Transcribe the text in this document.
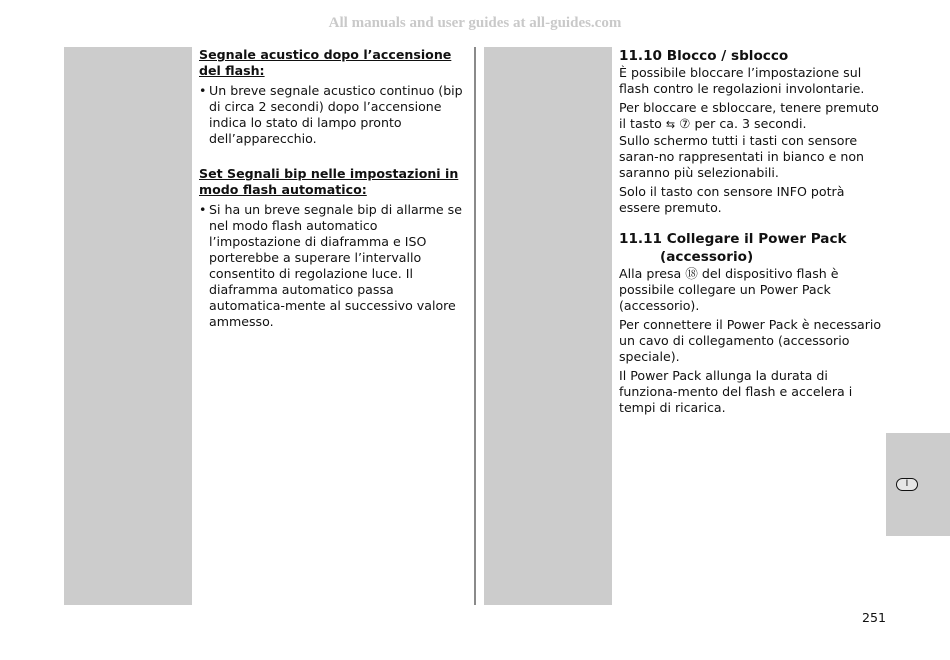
All manuals and user guides at all-guides.com

Segnale acustico dopo l’accensione del flash:

• Un breve segnale acustico continuo (bip di circa 2 secondi) dopo l’accensione indica lo stato di lampo pronto dell’apparecchio.

Set Segnali bip nelle impostazioni in modo flash automatico:

• Si ha un breve segnale bip di allarme se nel modo flash automatico l’impostazione di diaframma e ISO porterebbe a superare l’intervallo consentito di regolazione luce. Il diaframma automatico passa automatica-mente al successivo valore ammesso.
11.10 Blocco / sblocco

È possibile bloccare l’impostazione sul flash contro le regolazioni involontarie.

Per bloccare e sbloccare, tenere premuto il tasto ⇆ ⑦ per ca. 3 secondi.

Sullo schermo tutti i tasti con sensore saran-no rappresentati in bianco e non saranno più selezionabili.

Solo il tasto con sensore INFO potrà essere premuto.

11.11 Collegare il Power Pack
(accessorio)

Alla presa ⑱ del dispositivo flash è possibile collegare un Power Pack (accessorio).

Per connettere il Power Pack è necessario un cavo di collegamento (accessorio speciale).

Il Power Pack allunga la durata di funziona-mento del flash e accelera i tempi di ricarica.

I
251
